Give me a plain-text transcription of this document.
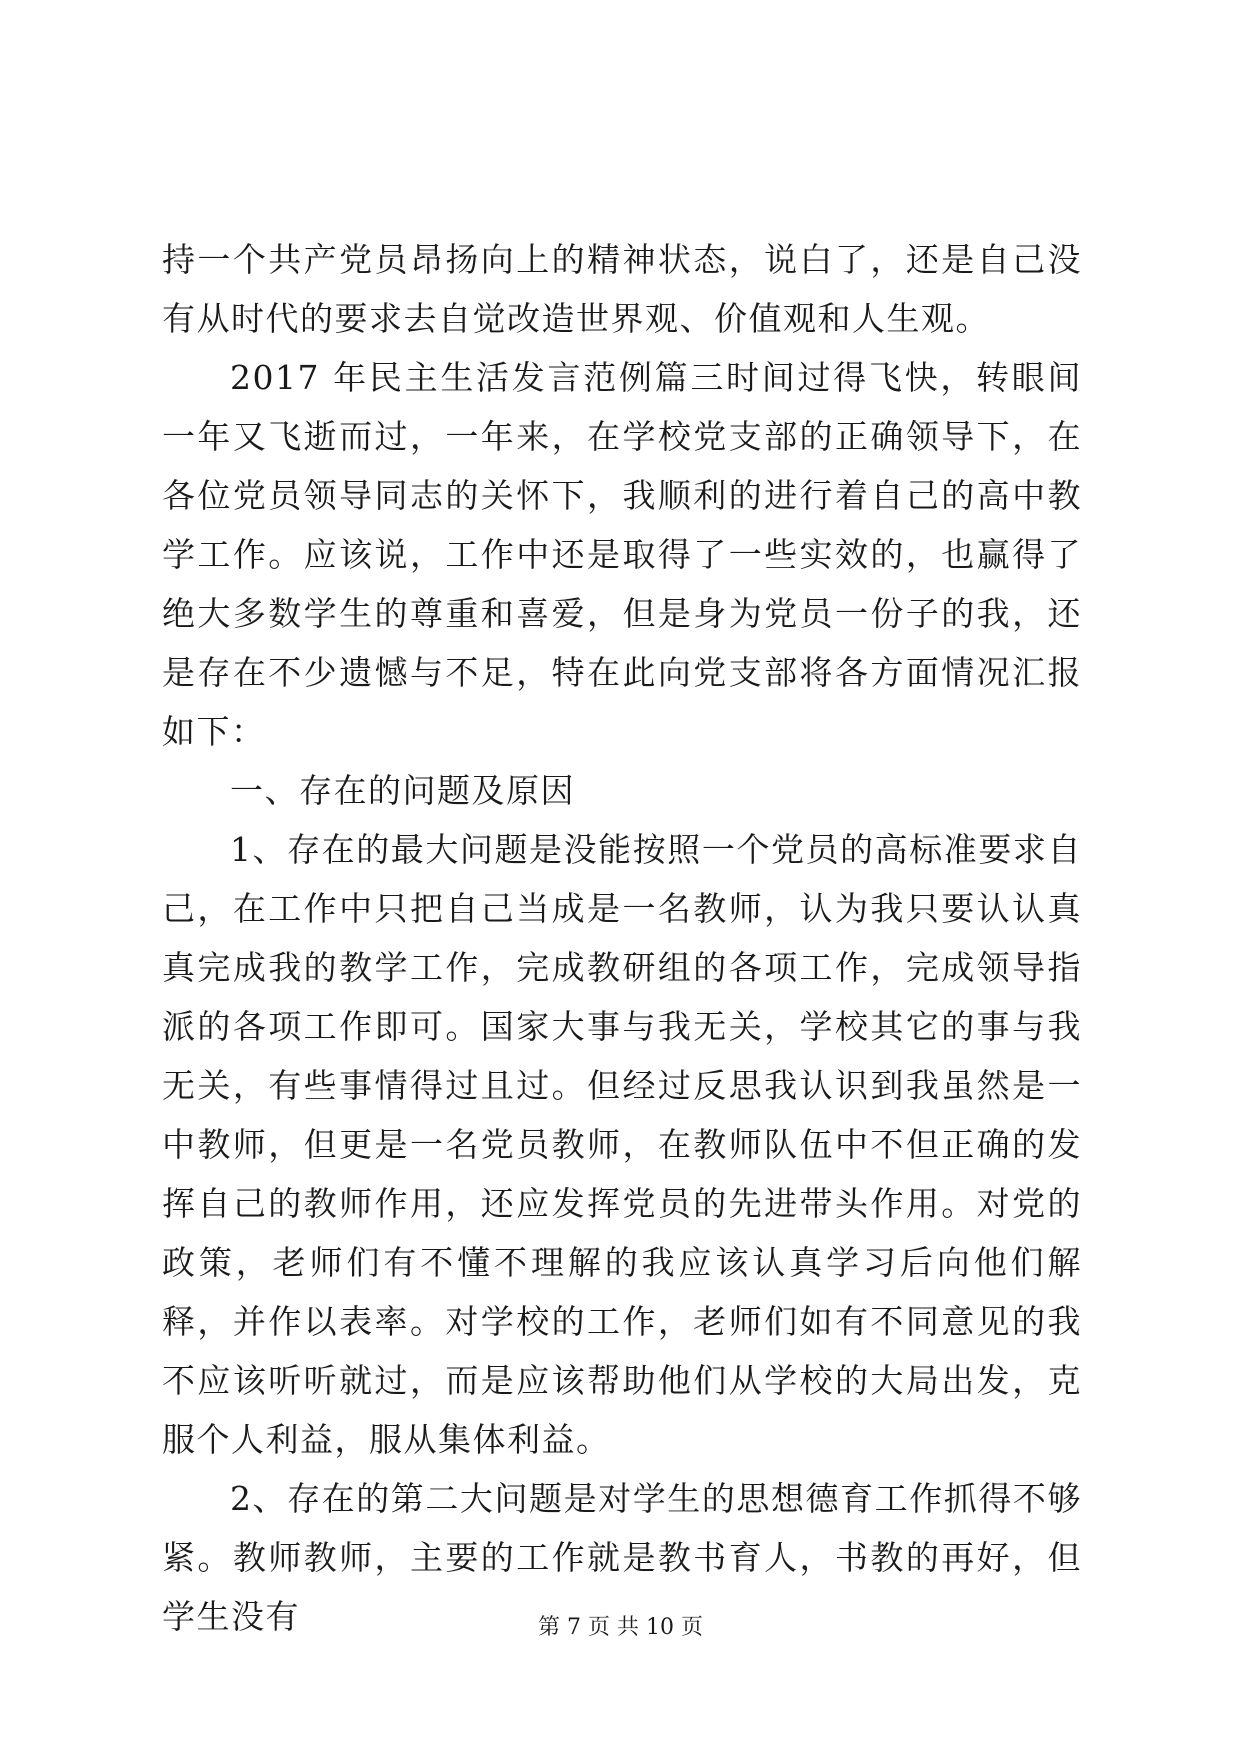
持一个共产党员昂扬向上的精神状态，说白了，还是自己没有从时代的要求去自觉改造世界观、价值观和人生观。

2017 年民主生活发言范例篇三时间过得飞快，转眼间一年又飞逝而过，一年来，在学校党支部的正确领导下，在各位党员领导同志的关怀下，我顺利的进行着自己的高中教学工作。应该说，工作中还是取得了一些实效的，也赢得了绝大多数学生的尊重和喜爱，但是身为党员一份子的我，还是存在不少遗憾与不足，特在此向党支部将各方面情况汇报如下：

一、存在的问题及原因

1、存在的最大问题是没能按照一个党员的高标准要求自己，在工作中只把自己当成是一名教师，认为我只要认认真真完成我的教学工作，完成教研组的各项工作，完成领导指派的各项工作即可。国家大事与我无关，学校其它的事与我无关，有些事情得过且过。但经过反思我认识到我虽然是一中教师，但更是一名党员教师，在教师队伍中不但正确的发挥自己的教师作用，还应发挥党员的先进带头作用。对党的政策，老师们有不懂不理解的我应该认真学习后向他们解释，并作以表率。对学校的工作，老师们如有不同意见的我不应该听听就过，而是应该帮助他们从学校的大局出发，克服个人利益，服从集体利益。

2、存在的第二大问题是对学生的思想德育工作抓得不够紧。教师教师，主要的工作就是教书育人，书教的再好，但学生没有	第 7 页 共 10 页
